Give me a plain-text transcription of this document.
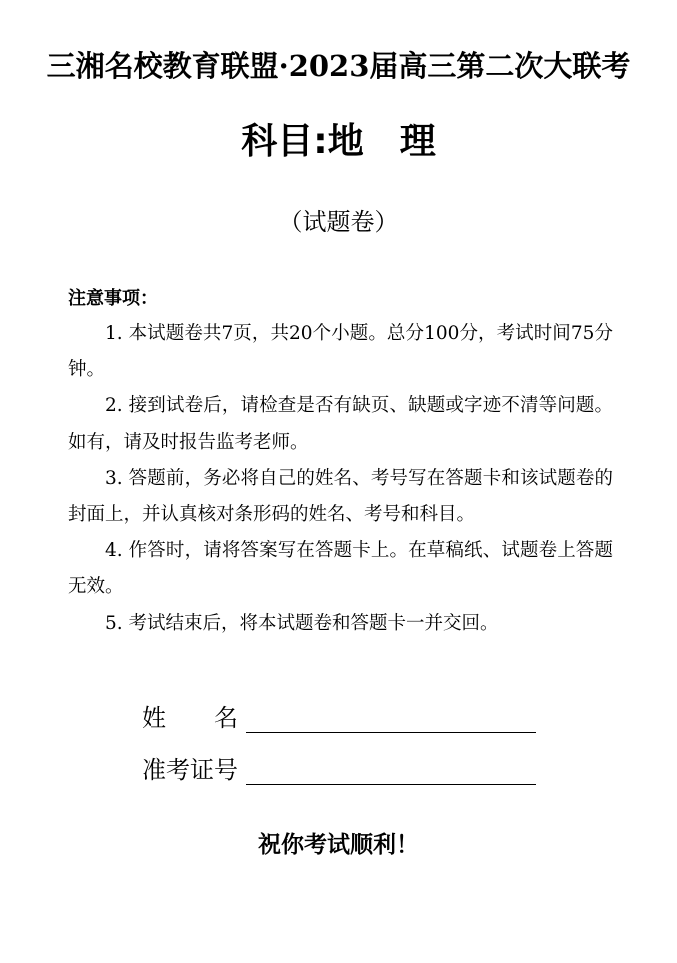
三湘名校教育联盟·2023届高三第二次大联考
科目:地　理
（试题卷）
注意事项：

1. 本试题卷共7页，共20个小题。总分100分，考试时间75分钟。

2. 接到试卷后，请检查是否有缺页、缺题或字迹不清等问题。如有，请及时报告监考老师。

3. 答题前，务必将自己的姓名、考号写在答题卡和该试题卷的封面上，并认真核对条形码的姓名、考号和科目。

4. 作答时，请将答案写在答题卡上。在草稿纸、试题卷上答题无效。

5. 考试结束后，将本试题卷和答题卡一并交回。

姓　　名
准考证号
祝你考试顺利！
